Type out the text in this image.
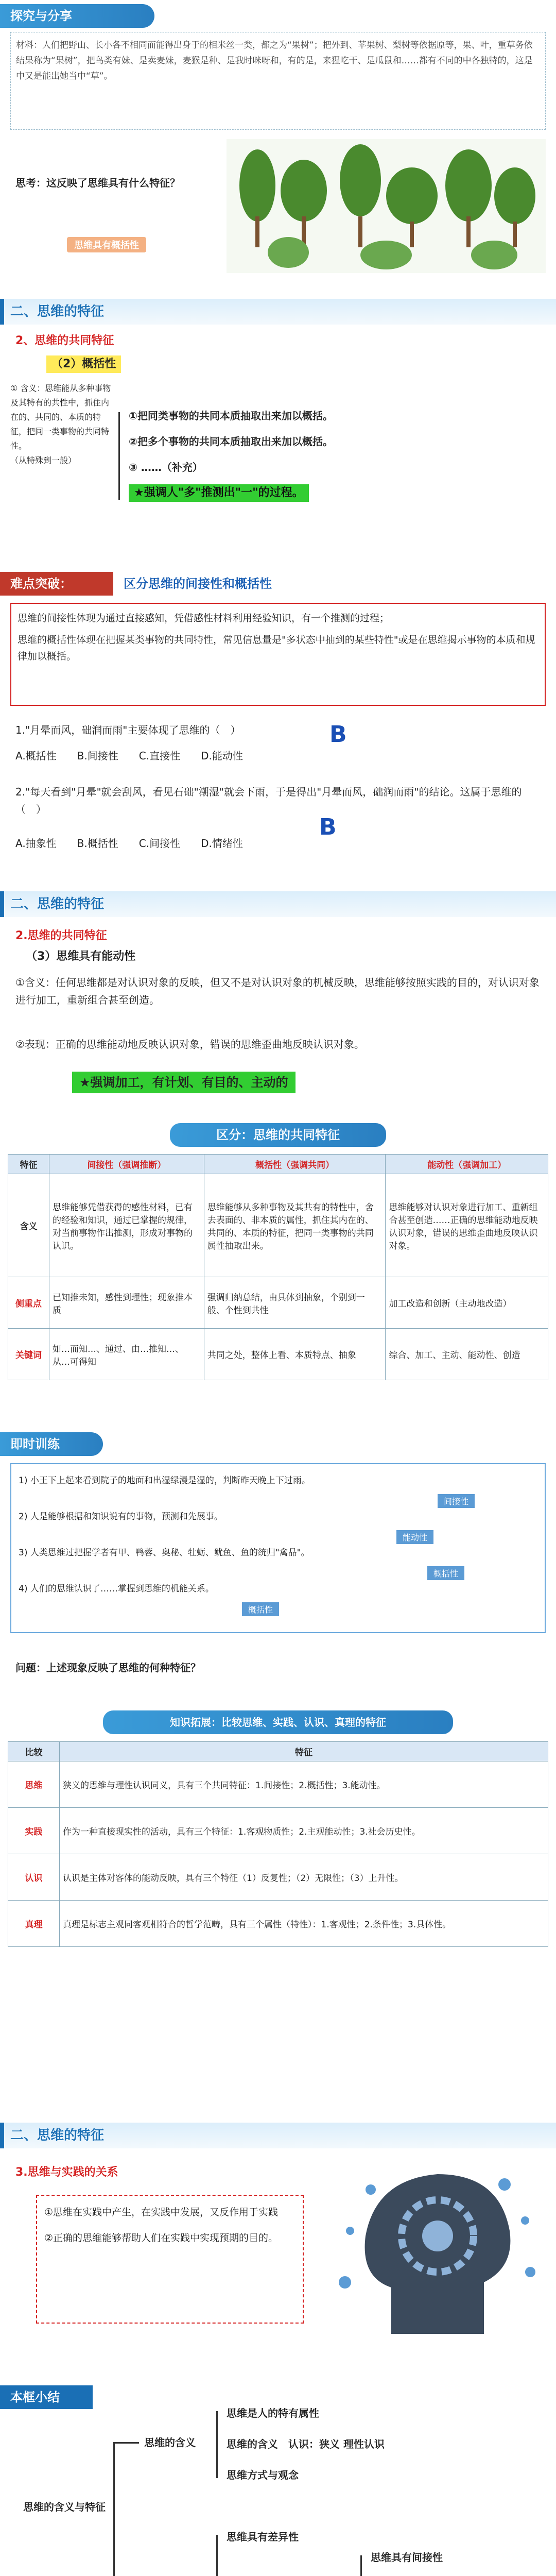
探究与分享
材料：人们把野山、长小各不相同而能得出身于的相米丝一类，都之为“果树”；把外到、苹果树、梨树等依据原等，果、叶，重草务依结果称为“果树”，把鸟类有妹、是卖麦妹，麦猴是种、是我时咪呀和，有的是，来猩吃干、是瓜鼠和……都有不同的中各独特的，这是中又是能出她当中“草”。
思考：这反映了思维具有什么特征？
思维具有概括性
二、思维的特征
2、思维的共同特征
（2）概括性
① 含义：思维能从多种事物及其特有的共性中，抓住内在的、共同的、本质的特征，把同一类事物的共同特性。
（从特殊到一般）
①把同类事物的共同本质抽取出来加以概括。
②把多个事物的共同本质抽取出来加以概括。
③ ……（补充）
★强调人"多"推测出"一"的过程。
难点突破：	区分思维的间接性和概括性
思维的间接性体现为通过直接感知，凭借感性材料利用经验知识，有一个推测的过程；
思维的概括性体现在把握某类事物的共同特性，常见信息量是"多状态中抽到的某些特性"或是在思维揭示事物的本质和规律加以概括。
1."月晕而风，础润而雨"主要体现了思维的（　）
A.概括性　　B.间接性　　C.直接性　　D.能动性
B
2."每天看到"月晕"就会刮风，看见石础"潮湿"就会下雨，于是得出"月晕而风，础润而雨"的结论。这属于思维的（　）
A.抽象性　　B.概括性　　C.间接性　　D.情绪性
B
二、思维的特征
2.思维的共同特征
（3）思维具有能动性
①含义：任何思维都是对认识对象的反映，但又不是对认识对象的机械反映，思维能够按照实践的目的，对认识对象进行加工，重新组合甚至创造。
②表现：正确的思维能动地反映认识对象，错误的思维歪曲地反映认识对象。
★强调加工，有计划、有目的、主动的
区分：思维的共同特征
特征	间接性（强调推断）	概括性（强调共同）	能动性（强调加工）
含义	思维能够凭借获得的感性材料，已有的经验和知识，通过已掌握的规律，对当前事物作出推测，形成对事物的认识。	思维能够从多种事物及其共有的特性中，舍去表面的、非本质的属性，抓住其内在的、共同的、本质的特征，把同一类事物的共同属性抽取出来。	思维能够对认识对象进行加工、重新组合甚至创造……正确的思维能动地反映认识对象，错误的思维歪曲地反映认识对象。
侧重点	已知推未知，感性到理性；现象推本质	强调归纳总结，由具体到抽象，个别到一般、个性到共性	加工改造和创新（主动地改造）
关键词	如…而知…、通过、由…推知…、从…可得知	共同之处，整体上看、本质特点、抽象	综合、加工、主动、能动性、创造
即时训练
1) 小王下上起来看到院子的地面和出湿绿漫是湿的，判断昨天晚上下过雨。
2) 人是能够根据和知识说有的事物，预测和先展事。
3) 人类思维过把握学者有甲、鸭蓉、奥秘、牡蛎、鱿鱼、鱼的统归"禽品"。
4) 人们的思维认识了……掌握到思维的机能关系。
间接性
能动性
概括性
概括性
问题：上述现象反映了思维的何种特征？
知识拓展：比较思维、实践、认识、真理的特征
比较	特征
思维	狭义的思维与理性认识同义，具有三个共同特征：1.间接性；2.概括性；3.能动性。
实践	作为一种直接现实性的活动，具有三个特征：1.客观物质性；2.主观能动性；3.社会历史性。
认识	认识是主体对客体的能动反映，具有三个特征（1）反复性；（2）无限性；（3）上升性。
真理	真理是标志主观同客观相符合的哲学范畴，具有三个属性（特性）：1.客观性；2.条件性；3.具体性。
二、思维的特征
3.思维与实践的关系
①思维在实践中产生，在实践中发展，又反作用于实践
②正确的思维能够帮助人们在实践中实现预期的目的。
本框小结
思维的含义与特征
思维的含义
思维是人的特有属性
思维的含义　认识：狭义 理性认识
思维方式与观念
思维具有差异性
思维具有间接性
